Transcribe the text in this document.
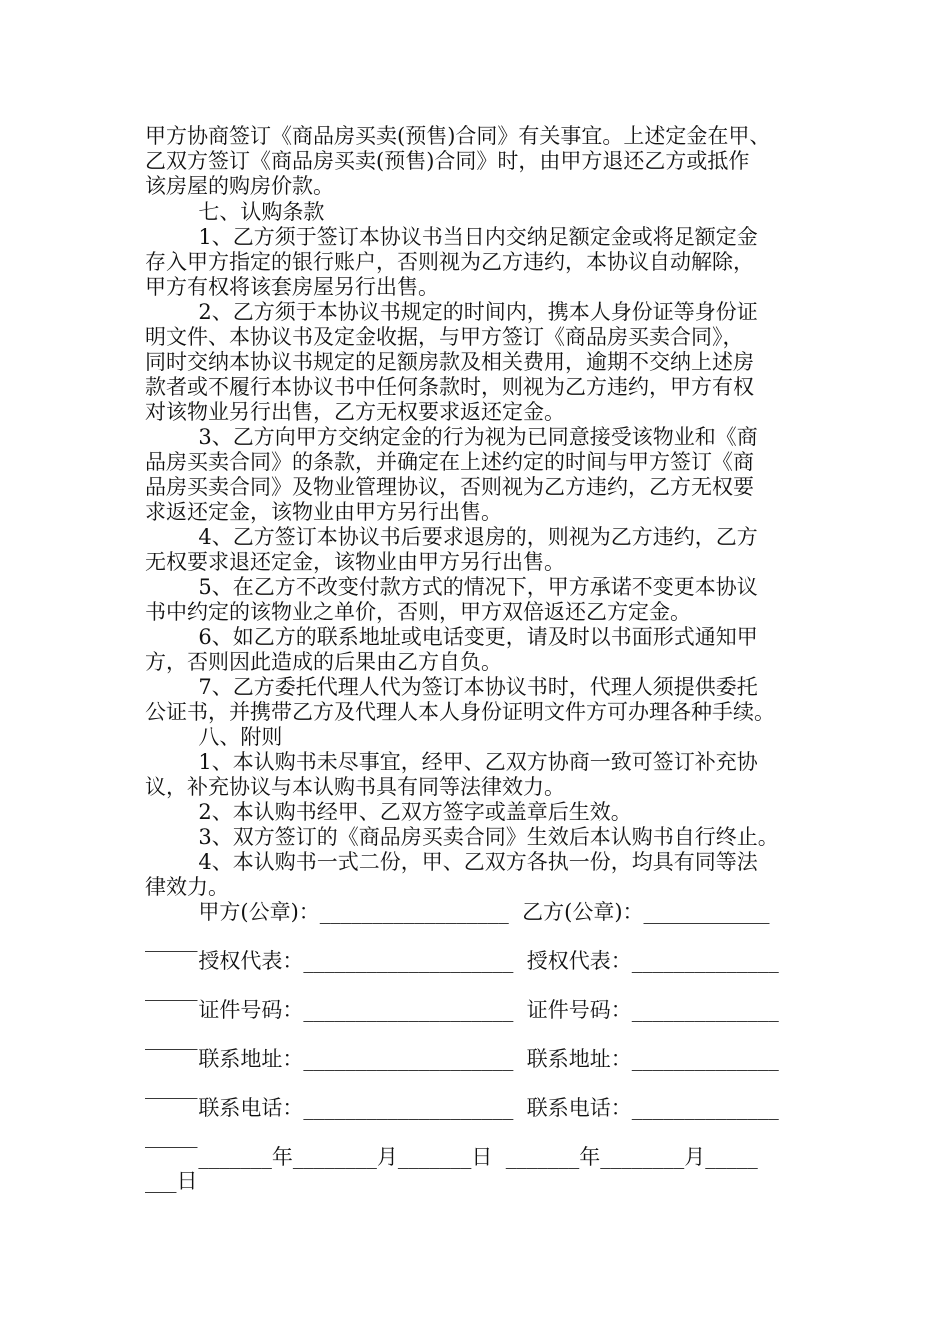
甲方协商签订《商品房买卖(预售)合同》有关事宜。上述定金在甲、
乙双方签订《商品房买卖(预售)合同》时，由甲方退还乙方或抵作
该房屋的购房价款。
七、认购条款
1、乙方须于签订本协议书当日内交纳足额定金或将足额定金
存入甲方指定的银行账户，否则视为乙方违约，本协议自动解除，
甲方有权将该套房屋另行出售。
2、乙方须于本协议书规定的时间内，携本人身份证等身份证
明文件、本协议书及定金收据，与甲方签订《商品房买卖合同》，
同时交纳本协议书规定的足额房款及相关费用，逾期不交纳上述房
款者或不履行本协议书中任何条款时，则视为乙方违约，甲方有权
对该物业另行出售，乙方无权要求返还定金。
3、乙方向甲方交纳定金的行为视为已同意接受该物业和《商
品房买卖合同》的条款，并确定在上述约定的时间与甲方签订《商
品房买卖合同》及物业管理协议，否则视为乙方违约，乙方无权要
求返还定金，该物业由甲方另行出售。
4、乙方签订本协议书后要求退房的，则视为乙方违约，乙方
无权要求退还定金，该物业由甲方另行出售。
5、在乙方不改变付款方式的情况下，甲方承诺不变更本协议
书中约定的该物业之单价，否则，甲方双倍返还乙方定金。
6、如乙方的联系地址或电话变更，请及时以书面形式通知甲
方，否则因此造成的后果由乙方自负。
7、乙方委托代理人代为签订本协议书时，代理人须提供委托
公证书，并携带乙方及代理人本人身份证明文件方可办理各种手续。
八、附则
1、本认购书未尽事宜，经甲、乙双方协商一致可签订补充协
议，补充协议与本认购书具有同等法律效力。
2、本认购书经甲、乙双方签字或盖章后生效。
3、双方签订的《商品房买卖合同》生效后本认购书自行终止。
4、本认购书一式二份，甲、乙双方各执一份，均具有同等法
律效力。
甲方(公章)：__________________  乙方(公章)：____________
_____
授权代表：____________________  授权代表：______________
_____
证件号码：____________________  证件号码：______________
_____
联系地址：____________________  联系地址：______________
_____
联系电话：____________________  联系电话：______________
_____
_______年________月_______日  _______年________月_____
___日
